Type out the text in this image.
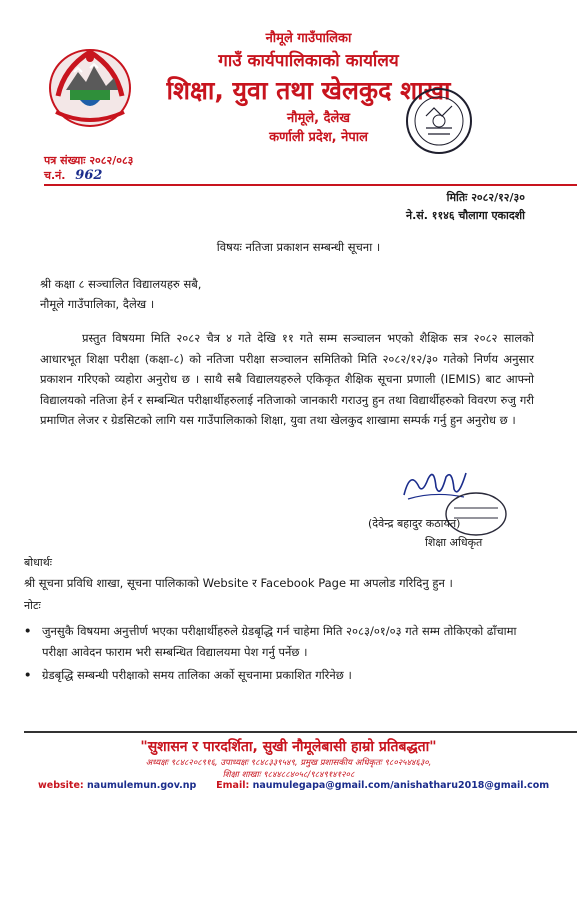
नौमूले गाउँपालिका
गाउँ कार्यपालिकाको कार्यालय
शिक्षा, युवा तथा खेलकुद शाखा
नौमूले, दैलेख
कर्णाली प्रदेश, नेपाल
पत्र संख्याः २०८२/०८३
च.नं. 962
मितिः २०८२/१२/३०
ने.सं. ११४६ चौलागा एकादशी
विषयः नतिजा प्रकाशन सम्बन्धी सूचना ।
श्री कक्षा ८ सञ्चालित विद्यालयहरु सबै,
नौमूले गाउँपालिका, दैलेख ।
प्रस्तुत विषयमा मिति २०८२ चैत्र ४ गते देखि ११ गते सम्म सञ्चालन भएको शैक्षिक सत्र २०८२ सालको आधारभूत शिक्षा परीक्षा (कक्षा-८) को नतिजा परीक्षा सञ्चालन समितिको मिति २०८२/१२/३० गतेको निर्णय अनुसार प्रकाशन गरिएको व्यहोरा अनुरोध छ । साथै सबै विद्यालयहरुले एकिकृत शैक्षिक सूचना प्रणाली (IEMIS) बाट आफ्नो विद्यालयको नतिजा हेर्न र सम्बन्धित परीक्षार्थीहरुलाई नतिजाको जानकारी गराउनु हुन तथा विद्यार्थीहरुको विवरण रुजु गरी प्रमाणित लेजर र ग्रेडसिटको लागि यस गाउँपालिकाको शिक्षा, युवा तथा खेलकुद शाखामा सम्पर्क गर्नु हुन अनुरोध छ ।
(देवेन्द्र बहादुर कठायत)
शिक्षा अधिकृत
बोधार्थः
श्री सूचना प्रविधि शाखा, सूचना पालिकाको Website र Facebook Page मा अपलोड गरिदिनु हुन ।
नोटः
• जुनसुकै विषयमा अनुत्तीर्ण भएका परीक्षार्थीहरुले ग्रेडबृद्धि गर्न चाहेमा मिति २०८३/०१/०३ गते सम्म तोकिएको ढाँचामा परीक्षा आवेदन फाराम भरी सम्बन्धित विद्यालयमा पेश गर्नु पर्नेछ ।
• ग्रेडबृद्धि सम्बन्धी परीक्षाको समय तालिका अर्को सूचनामा प्रकाशित गरिनेछ ।
"सुशासन र पारदर्शिता, सुखी नौमूलेबासी हाम्रो प्रतिबद्धता"
अध्यक्षः ९८४८२०८९१६, उपाध्यक्षः ९८४८३३९५४९, प्रमुख प्रशासकीय अधिकृतः ९८०२५४४६३०,
शिक्षा शाखाः ९८४४८८४०५८/९८४९१४१२०८
website: naumulemun.gov.np Email: naumulegapa@gmail.com/anishatharu2018@gmail.com
